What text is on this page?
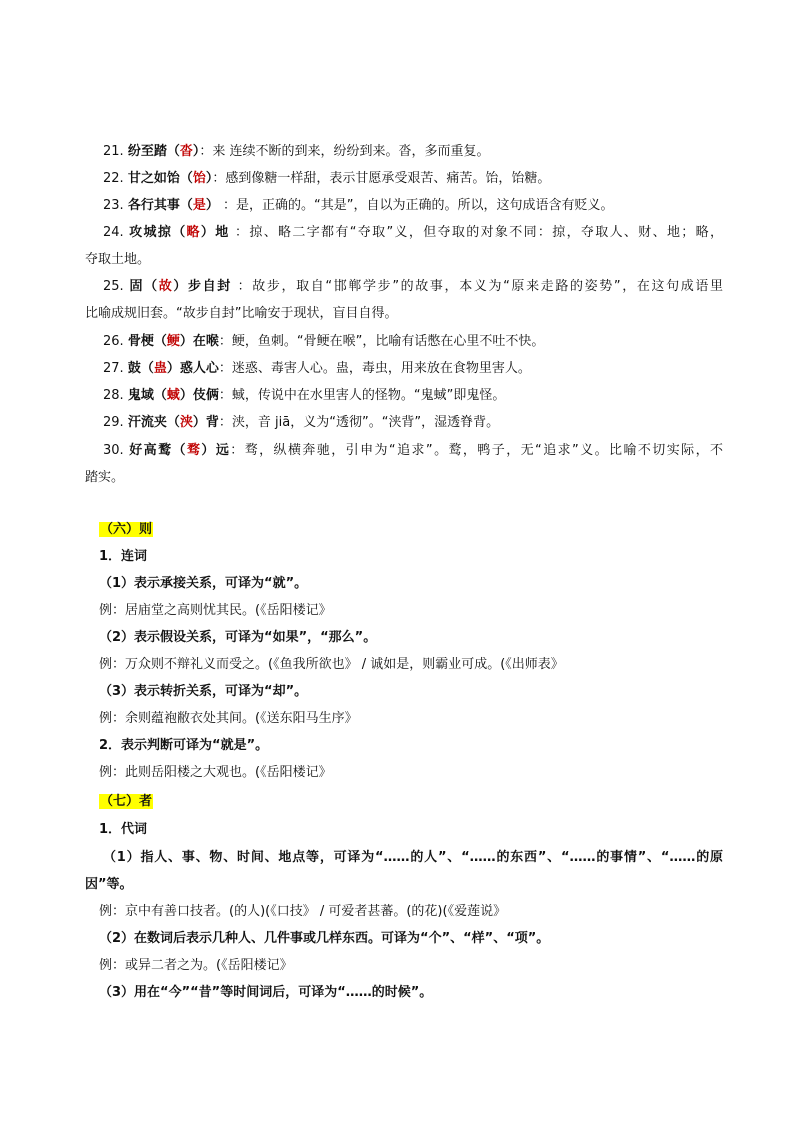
21. 纷至踏（沓）：来 连续不断的到来，纷纷到来。沓，多而重复。
22. 甘之如饴（饴）：感到像糖一样甜，表示甘愿承受艰苦、痛苦。饴，饴糖。
23. 各行其事（是） ：是，正确的。“其是”，自以为正确的。所以，这句成语含有贬义。
24. 攻城掠（略）地 ：掠、略二字都有“夺取”义，但夺取的对象不同：掠，夺取人、财、地；略，
夺取土地。
25. 固（故）步自封 ：故步，取自“邯郸学步”的故事，本义为“原来走路的姿势”，在这句成语里
比喻成规旧套。“故步自封”比喻安于现状，盲目自得。
26. 骨梗（鲠）在喉：鲠，鱼刺。“骨鲠在喉”，比喻有话憋在心里不吐不快。
27. 鼓（蛊）惑人心：迷惑、毒害人心。蛊，毒虫，用来放在食物里害人。
28. 鬼域（蜮）伎俩：蜮，传说中在水里害人的怪物。“鬼蜮”即鬼怪。
29. 汗流夹（浃）背：浃，音 jiā，义为“透彻”。“浃背”，湿透脊背。
30. 好高鹜（骛）远：骛，纵横奔驰，引申为“追求”。鹜，鸭子，无“追求”义。比喻不切实际，不
踏实。
（六）则
1．连词
（1）表示承接关系，可译为“就”。
例：居庙堂之高则忧其民。(《岳阳楼记》
（2）表示假设关系，可译为“如果”，“那么”。
例：万众则不辩礼义而受之。(《鱼我所欲也》 / 诚如是，则霸业可成。(《出师表》
（3）表示转折关系，可译为“却”。
例：余则蕴袍敝衣处其间。(《送东阳马生序》
2．表示判断可译为“就是”。
例：此则岳阳楼之大观也。(《岳阳楼记》
（七）者
1．代词
（1）指人、事、物、时间、地点等，可译为“……的人”、“……的东西”、“……的事情”、“……的原
因”等。
例：京中有善口技者。(的人)(《口技》 / 可爱者甚蕃。(的花)(《爱莲说》
（2）在数词后表示几种人、几件事或几样东西。可译为“个”、“样”、“项”。
例：或异二者之为。(《岳阳楼记》
（3）用在“今”“昔”等时间词后，可译为“……的时候”。
